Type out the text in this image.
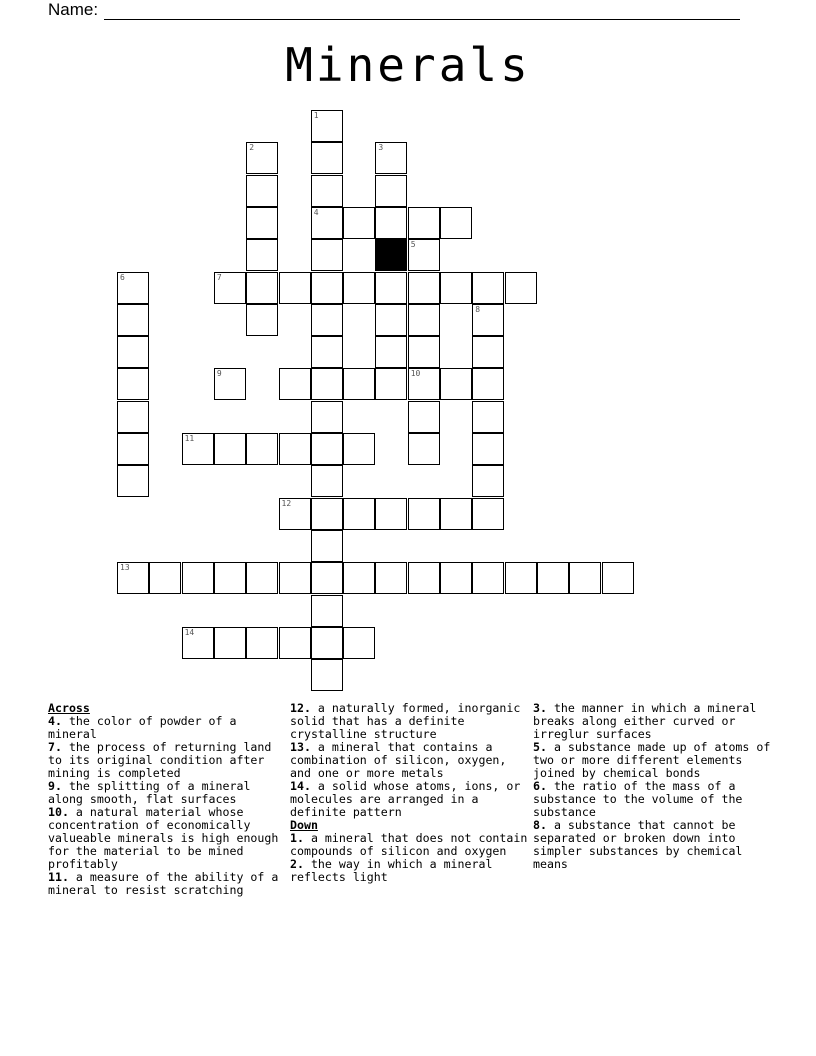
Name:
Minerals
1
4
2	3
5
6	7
8
9	10
11
12
13
14
Across
4. the color of powder of a mineral
7. the process of returning land to its original condition after mining is completed
9. the splitting of a mineral along smooth, flat surfaces
10. a natural material whose concentration of economically valueable minerals is high enough for the material to be mined profitably
11. a measure of the ability of a mineral to resist scratching
12. a naturally formed, inorganic solid that has a definite crystalline structure
13. a mineral that contains a combination of silicon, oxygen, and one or more metals
14. a solid whose atoms, ions, or molecules are arranged in a definite pattern
Down
1. a mineral that does not contain compounds of silicon and oxygen
2. the way in which a mineral reflects light
3. the manner in which a mineral breaks along either curved or irreglur surfaces
5. a substance made up of atoms of two or more different elements joined by chemical bonds
6. the ratio of the mass of a substance to the volume of the substance
8. a substance that cannot be separated or broken down into simpler substances by chemical means
